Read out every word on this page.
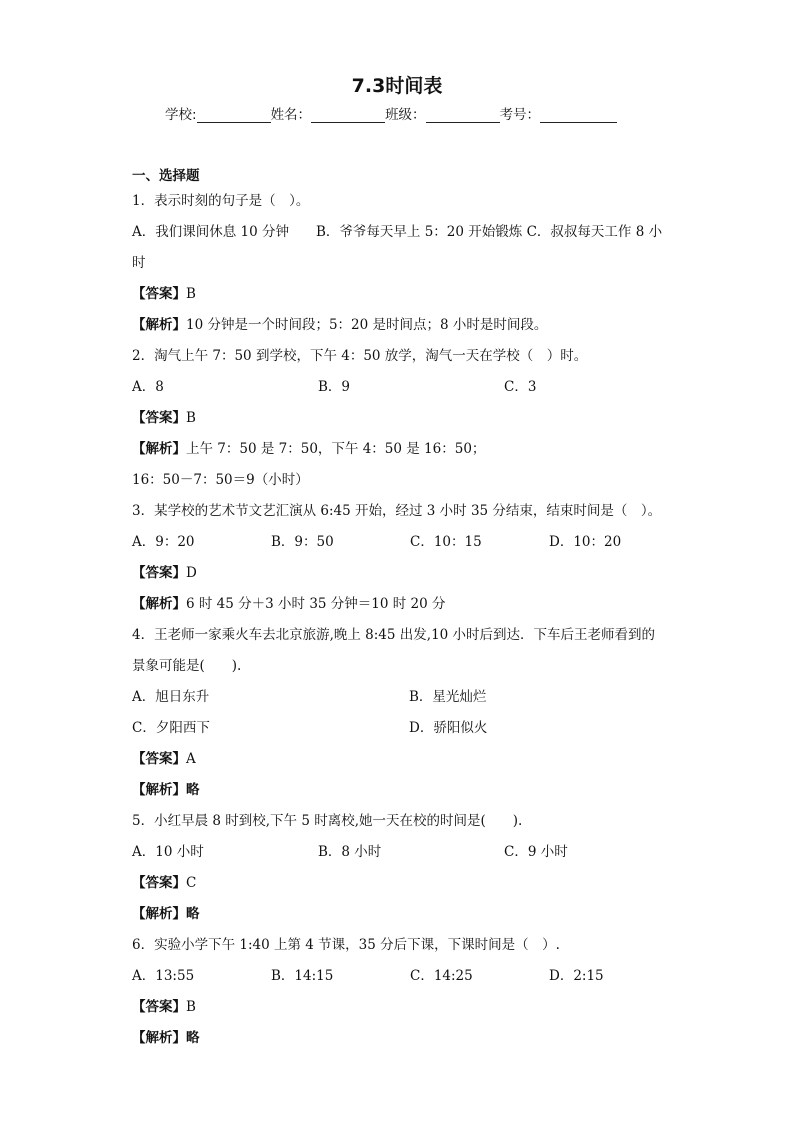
7.3时间表
学校:	姓名：	班级：	考号：
一、选择题
1．表示时刻的句子是（　）。
A．我们课间休息 10 分钟　　B．爷爷每天早上 5：20 开始锻炼 C．叔叔每天工作 8 小
时
【答案】B
【解析】10 分钟是一个时间段；5：20 是时间点；8 小时是时间段。
2．淘气上午 7：50 到学校，下午 4：50 放学，淘气一天在学校（　）时。
A．8	B．9	C．3
【答案】B
【解析】上午 7：50 是 7：50，下午 4：50 是 16：50；
16：50－7：50＝9（小时）
3．某学校的艺术节文艺汇演从 6:45 开始，经过 3 小时 35 分结束，结束时间是（　）。
A．9：20	B．9：50	C．10：15	D．10：20
【答案】D
【解析】6 时 45 分＋3 小时 35 分钟＝10 时 20 分
4．王老师一家乘火车去北京旅游,晚上 8:45 出发,10 小时后到达．下车后王老师看到的
景象可能是(　　).
A．旭日东升	B．星光灿烂
C．夕阳西下	D．骄阳似火
【答案】A
【解析】略
5．小红早晨 8 时到校,下午 5 时离校,她一天在校的时间是(　　).
A．10 小时	B．8 小时	C．9 小时
【答案】C
【解析】略
6．实验小学下午 1:40 上第 4 节课，35 分后下课，下课时间是（　）.
A．13:55	B．14:15	C．14:25	D．2:15
【答案】B
【解析】略
